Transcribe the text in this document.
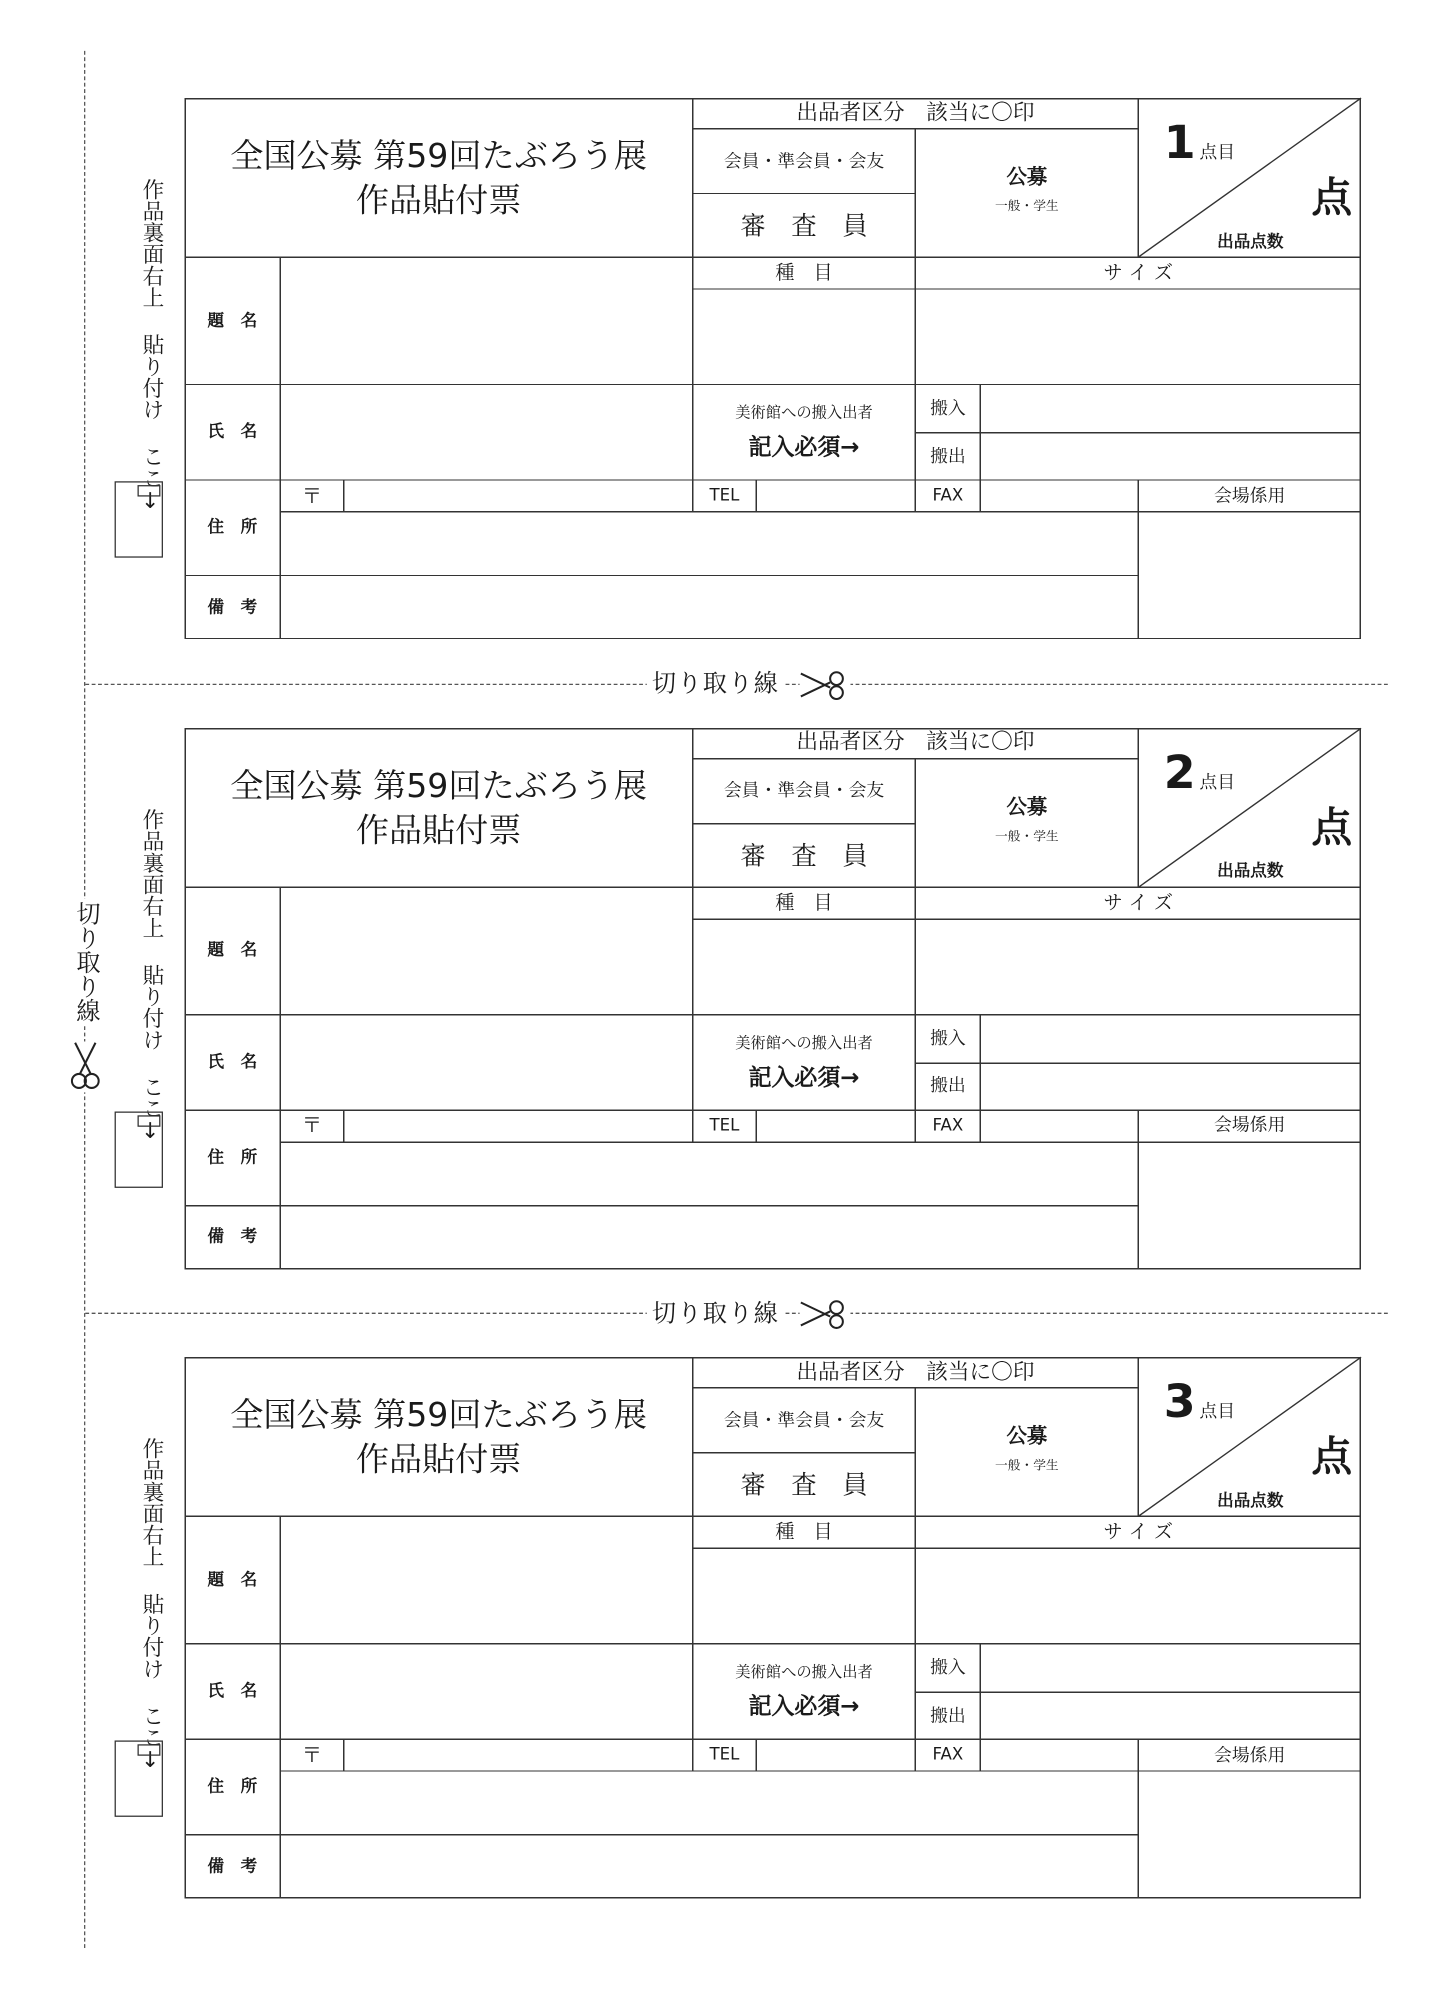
切り取り線
切り取り線
切り取り線
作品裏面右上 貼り付け ここ↓
全国公募 第59回たぶろう展
作品貼付票
出品者区分　該当に〇印
会員・準会員・会友
審　査　員
公募
一般・学生
1 点目
点
出品点数
題　名
種　目	サ イ ズ
氏　名
美術館への搬入出者
記入必須→
搬入
搬出
〒	TEL	FAX	会場係用
住　所
備　考
作品裏面右上 貼り付け ここ↓
全国公募 第59回たぶろう展
作品貼付票
出品者区分　該当に〇印
会員・準会員・会友
審　査　員
公募
一般・学生
2 点目
点
出品点数
題　名
種　目	サ イ ズ
氏　名
美術館への搬入出者
記入必須→
搬入
搬出
〒	TEL	FAX	会場係用
住　所
備　考
作品裏面右上 貼り付け ここ↓
全国公募 第59回たぶろう展
作品貼付票
出品者区分　該当に〇印
会員・準会員・会友
審　査　員
公募
一般・学生
3 点目
点
出品点数
題　名
種　目	サ イ ズ
氏　名
美術館への搬入出者
記入必須→
搬入
搬出
〒	TEL	FAX	会場係用
住　所
備　考
